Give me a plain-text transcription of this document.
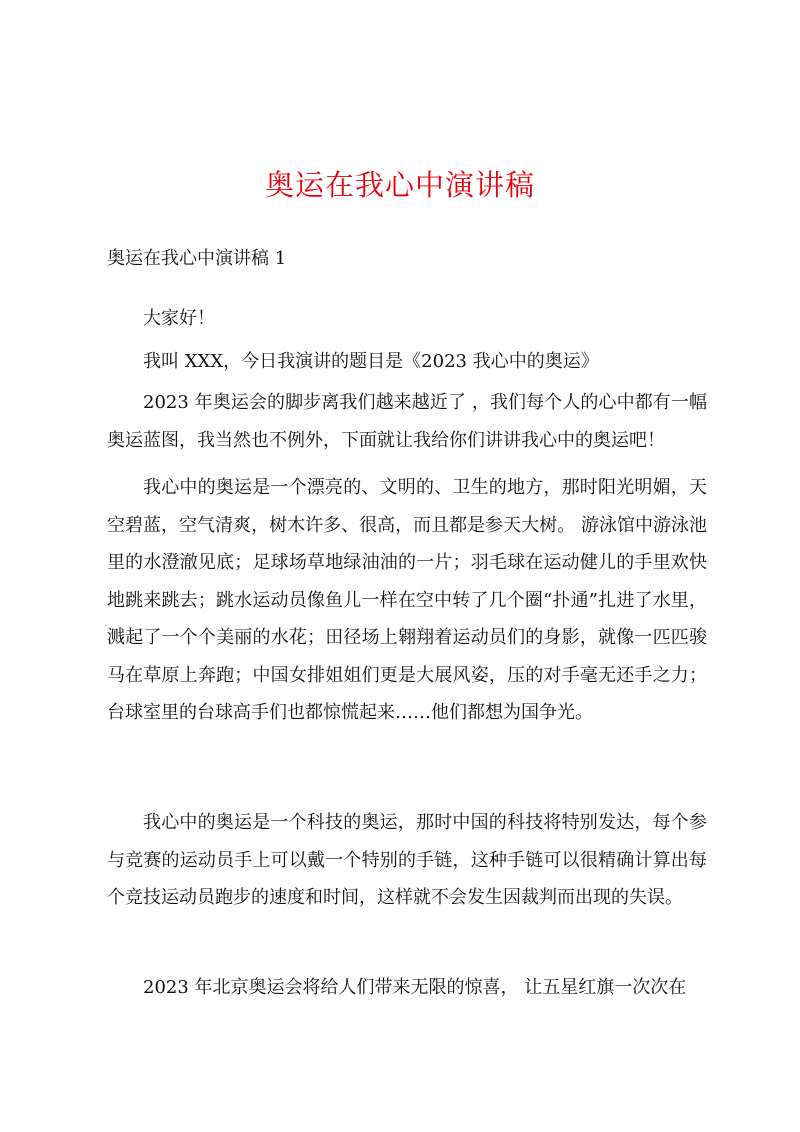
奥运在我心中演讲稿
奥运在我心中演讲稿 1

大家好！

我叫 XXX，今日我演讲的题目是《2023 我心中的奥运》

2023 年奥运会的脚步离我们越来越近了 ，我们每个人的心中都有一幅奥运蓝图，我当然也不例外，下面就让我给你们讲讲我心中的奥运吧！

我心中的奥运是一个漂亮的、文明的、卫生的地方，那时阳光明媚，天空碧蓝，空气清爽，树木许多、很高，而且都是参天大树。 游泳馆中游泳池里的水澄澈见底；足球场草地绿油油的一片；羽毛球在运动健儿的手里欢快地跳来跳去；跳水运动员像鱼儿一样在空中转了几个圈“扑通”扎进了水里，溅起了一个个美丽的水花；田径场上翱翔着运动员们的身影，就像一匹匹骏马在草原上奔跑；中国女排姐姐们更是大展风姿，压的对手毫无还手之力；台球室里的台球高手们也都惊慌起来……他们都想为国争光。

我心中的奥运是一个科技的奥运，那时中国的科技将特别发达，每个参与竞赛的运动员手上可以戴一个特别的手链，这种手链可以很精确计算出每个竞技运动员跑步的速度和时间，这样就不会发生因裁判而出现的失误。

2023 年北京奥运会将给人们带来无限的惊喜， 让五星红旗一次次在
